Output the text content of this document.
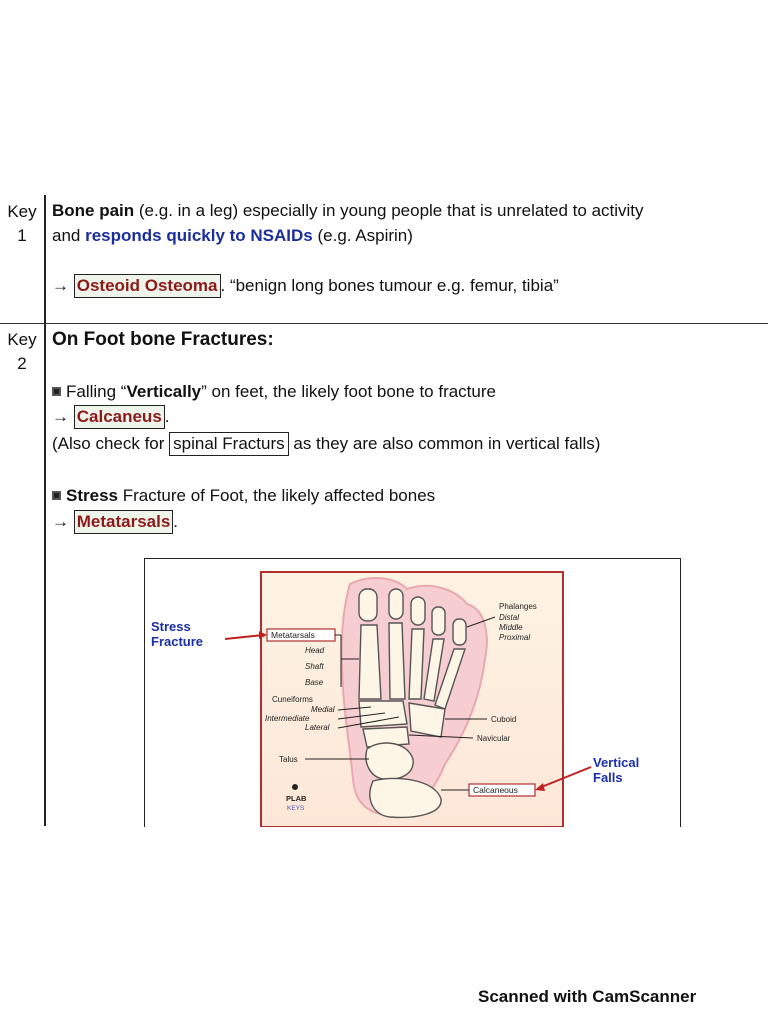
Key
1
Bone pain (e.g. in a leg) especially in young people that is unrelated to activity
and responds quickly to NSAIDs (e.g. Aspirin)
→ Osteoid Osteoma . “benign long bones tumour e.g. femur, tibia”
Key
2
On Foot bone Fractures:
Falling “Vertically” on feet, the likely foot bone to fracture
→ Calcaneus .
(Also check for spinal Fracturs as they are also common in vertical falls)
Stress Fracture of Foot, the likely affected bones
→ Metatarsals .
Metatarsals
Head
Shaft
Base
Cuneiforms
Medial
Intermediate
Lateral
Talus
Phalanges
Distal
Middle
Proximal
Cuboid
Navicular
Calcaneous
Stress
Fracture
Vertical
Falls
PLAB
KEYS
Scanned with CamScanner
